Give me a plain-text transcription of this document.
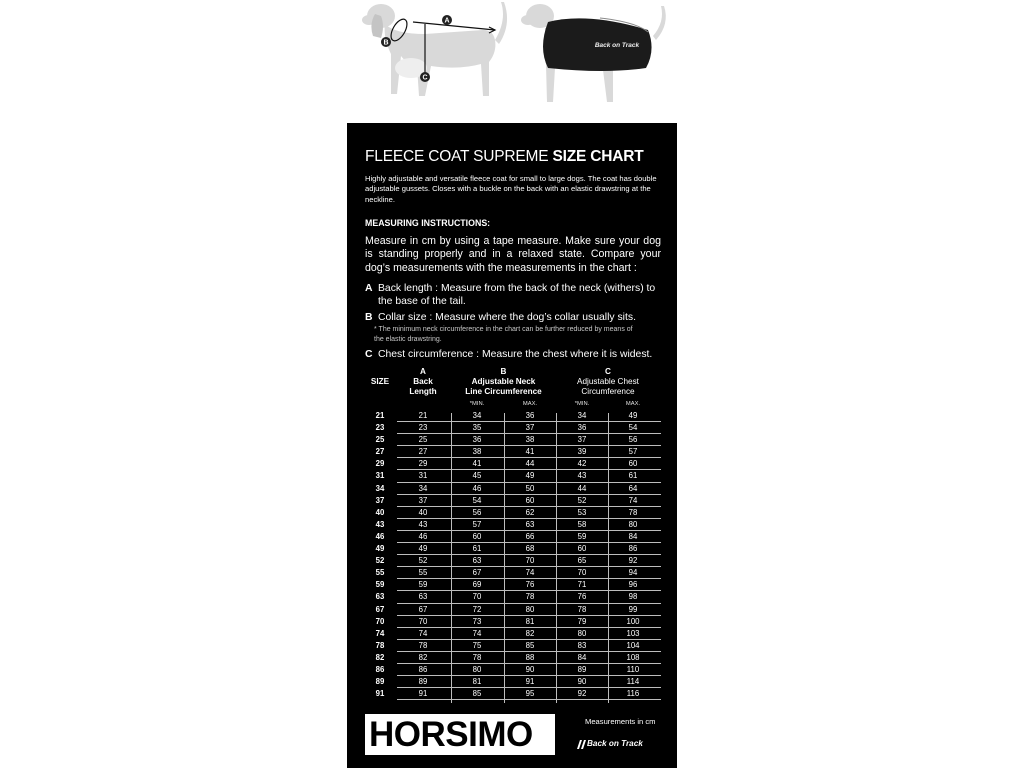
A
B
C
Back on Track
FLEECE COAT SUPREME SIZE CHART
Highly adjustable and versatile fleece coat for small to large dogs. The coat has double adjustable gussets. Closes with a buckle on the back with an elastic drawstring at the neckline.
MEASURING INSTRUCTIONS:
Measure in cm by using a tape measure. Make sure your dog is standing properly and in a relaxed state. Compare your dog’s measurements with the measurements in the chart :
A Back length : Measure from the back of the neck (withers) to the base of the tail.
B Collar size : Measure where the dog’s collar usually sits.
* The minimum neck circumference in the chart can be further reduced by means of the elastic drawstring.
C Chest circumference : Measure the chest where it is widest.
SIZE
A
Back
Length
B
Adjustable Neck
Line Circumference
C
Adjustable Chest
Circumference
*MIN.	MAX.	*MIN.	MAX.
21	21	34	36	34	49
23	23	35	37	36	54
25	25	36	38	37	56
27	27	38	41	39	57
29	29	41	44	42	60
31	31	45	49	43	61
34	34	46	50	44	64
37	37	54	60	52	74
40	40	56	62	53	78
43	43	57	63	58	80
46	46	60	66	59	84
49	49	61	68	60	86
52	52	63	70	65	92
55	55	67	74	70	94
59	59	69	76	71	96
63	63	70	78	76	98
67	67	72	80	78	99
70	70	73	81	79	100
74	74	74	82	80	103
78	78	75	85	83	104
82	82	78	88	84	108
86	86	80	90	89	110
89	89	81	91	90	114
91	91	85	95	92	116
HORSIMO	Measurements in cm
Back on Track
